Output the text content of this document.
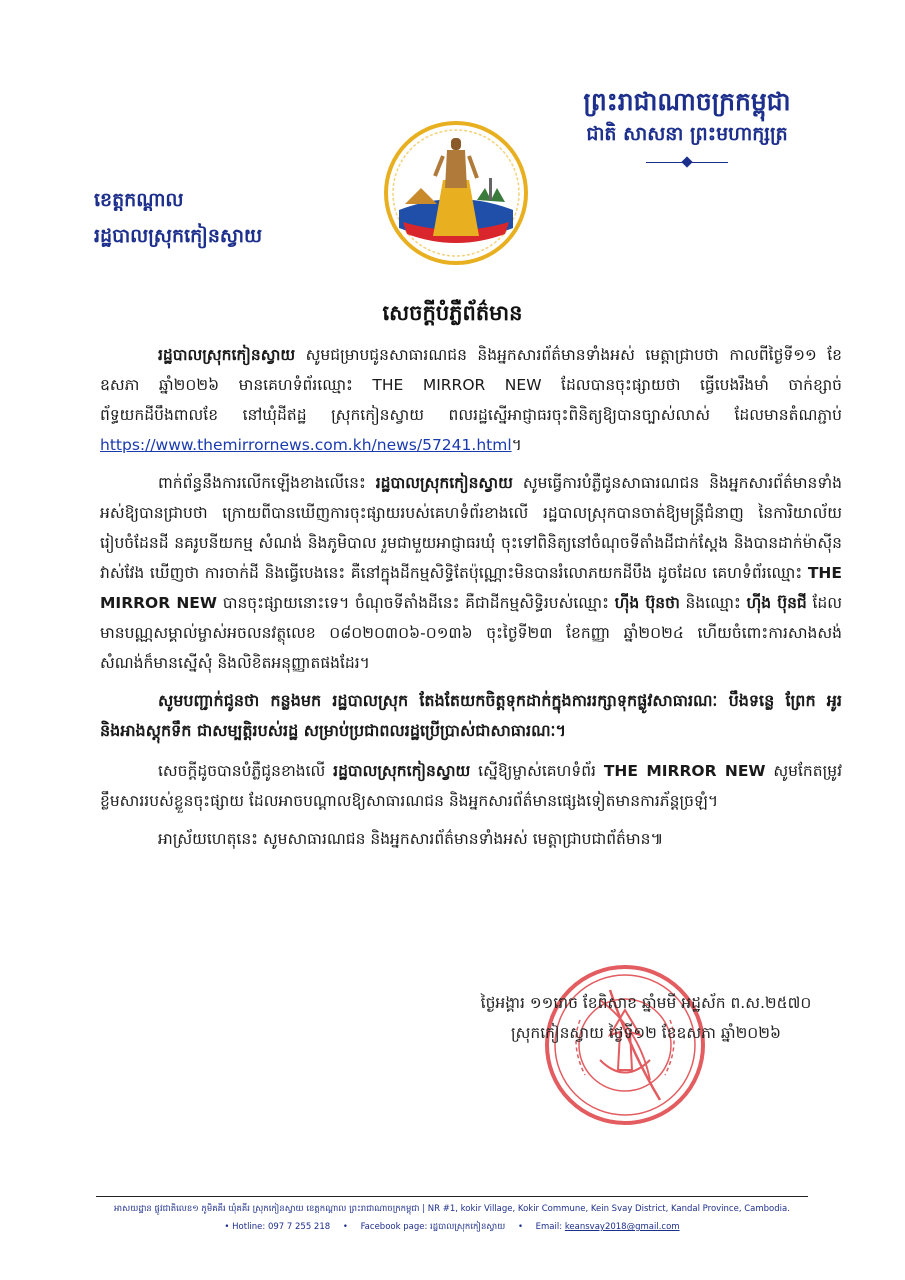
ព្រះរាជាណាចក្រកម្ពុជា
ជាតិ សាសនា ព្រះមហាក្សត្រ
ខេត្តកណ្តាល
រដ្ឋបាលស្រុកកៀនស្វាយ
សេចក្តីបំភ្លឺព័ត៌មាន

រដ្ឋបាលស្រុកកៀនស្វាយ សូមជម្រាបជូនសាធារណជន និងអ្នកសារព័ត៌មានទាំងអស់ មេត្តាជ្រាបថា កាលពីថ្ងៃទី១១ ខែឧសភា ឆ្នាំ២០២៦ មានគេហទំព័រឈ្មោះ THE MIRROR NEW ដែលបានចុះផ្សាយថា ធ្វើបេងរឹងមាំ ចាក់ខ្សាច់ព័ទ្ធយកដីបឹងពាលខែ នៅឃុំដីឥដ្ឋ ស្រុកកៀនស្វាយ ពលរដ្ឋស្នើអាជ្ញាធរចុះពិនិត្យឱ្យបានច្បាស់លាស់ ដែលមានតំណភ្ជាប់ https://www.themirrornews.com.kh/news/57241.html។

ពាក់ព័ន្ធនឹងការលើកឡើងខាងលើនេះ រដ្ឋបាលស្រុកកៀនស្វាយ សូមធ្វើការបំភ្លឺជូនសាធារណជន និងអ្នកសារព័ត៌មានទាំងអស់ឱ្យបានជ្រាបថា ក្រោយពីបានឃើញការចុះផ្សាយរបស់គេហទំព័រខាងលើ រដ្ឋបាលស្រុកបានចាត់ឱ្យមន្ត្រីជំនាញ នៃការិយាល័យរៀបចំដែនដី នគរូបនីយកម្ម សំណង់ និងភូមិបាល រួមជាមួយអាជ្ញាធរឃុំ ចុះទៅពិនិត្យនៅចំណុចទីតាំងដីជាក់ស្តែង និងបានដាក់ម៉ាស៊ីនវាស់វែង ឃើញថា ការចាក់ដី និងធ្វើបេងនេះ គឺនៅក្នុងដីកម្មសិទ្ធិតែប៉ុណ្ណោះមិនបានរំលោភយកដីបឹង ដូចដែល គេហទំព័រឈ្មោះ THE MIRROR NEW បានចុះផ្សាយនោះទេ។ ចំណុចទីតាំងដីនេះ គឺជាដីកម្មសិទ្ធិរបស់ឈ្មោះ ហ៊ីង ប៊ុនថា និងឈ្មោះ ហ៊ីង ប៊ុនជី ដែលមានបណ្ណសម្គាល់ម្ចាស់អចលនវត្ថុលេខ ០៨០២០៣០៦-០១៣៦ ចុះថ្ងៃទី២៣ ខែកញ្ញា ឆ្នាំ២០២៤ ហើយចំពោះការសាងសង់សំណង់ក៏មានស្នើសុំ និងលិខិតអនុញ្ញាតផងដែរ។

សូមបញ្ជាក់ជូនថា កន្លងមក រដ្ឋបាលស្រុក តែងតែយកចិត្តទុកដាក់ក្នុងការរក្សាទុកផ្លូវសាធារណៈ បឹងទន្លេ ព្រែក អូរ និងអាងស្តុកទឹក ជាសម្បត្តិរបស់រដ្ឋ សម្រាប់ប្រជាពលរដ្ឋប្រើប្រាស់ជាសាធារណៈ។

សេចក្តីដូចបានបំភ្លឺជូនខាងលើ រដ្ឋបាលស្រុកកៀនស្វាយ ស្នើឱ្យម្ចាស់គេហទំព័រ THE MIRROR NEW សូមកែតម្រូវខ្លឹមសាររបស់ខ្លួនចុះផ្សាយ ដែលអាចបណ្តាលឱ្យសាធារណជន និងអ្នកសារព័ត៌មានផ្សេងទៀតមានការភ័ន្តច្រឡំ។

អាស្រ័យហេតុនេះ សូមសាធារណជន និងអ្នកសារព័ត៌មានទាំងអស់ មេត្តាជ្រាបជាព័ត៌មាន៕

ថ្ងៃអង្គារ ១១រោច ខែពិសាខ ឆ្នាំមមី អដ្ឋស័ក ព.ស.២៥៧០
ស្រុកកៀនស្វាយ ថ្ងៃទី១២ ខែឧសភា ឆ្នាំ២០២៦
អាសយដ្ឋាន ផ្លូវជាតិលេខ១ ភូមិគគីរ ឃុំគគីរ ស្រុកកៀនស្វាយ ខេត្តកណ្តាល ព្រះរាជាណាចក្រកម្ពុជា | NR #1, kokir Village, Kokir Commune, Kein Svay District, Kandal Province, Cambodia.
• Hotline: 097 7 255 218 • Facebook page: រដ្ឋបាលស្រុកកៀនស្វាយ • Email: keansvay2018@gmail.com
